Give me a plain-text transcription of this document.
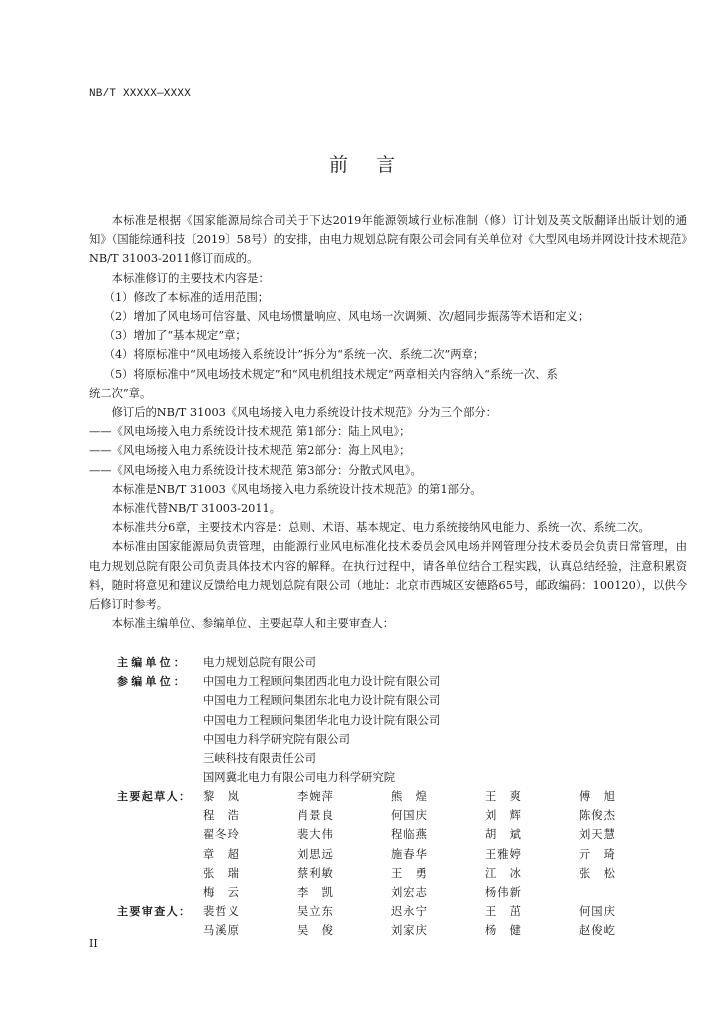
NB/T XXXXX—XXXX
前言

本标准是根据《国家能源局综合司关于下达2019年能源领域行业标准制（修）订计划及英文版翻译出版计划的通知》（国能综通科技〔2019〕58号）的安排，由电力规划总院有限公司会同有关单位对《大型风电场并网设计技术规范》NB/T 31003-2011修订而成的。

本标准修订的主要技术内容是：

（1）修改了本标准的适用范围；

（2）增加了风电场可信容量、风电场惯量响应、风电场一次调频、次/超同步振荡等术语和定义；

（3）增加了“基本规定”章；

（4）将原标准中“风电场接入系统设计”拆分为“系统一次、系统二次”两章；

（5）将原标准中“风电场技术规定”和“风电机组技术规定”两章相关内容纳入“系统一次、系

统二次”章。

修订后的NB/T 31003《风电场接入电力系统设计技术规范》分为三个部分：

——《风电场接入电力系统设计技术规范 第1部分：陆上风电》；

——《风电场接入电力系统设计技术规范 第2部分：海上风电》；

——《风电场接入电力系统设计技术规范 第3部分：分散式风电》。

本标准是NB/T 31003《风电场接入电力系统设计技术规范》的第1部分。

本标准代替NB/T 31003-2011。

本标准共分6章，主要技术内容是：总则、术语、基本规定、电力系统接纳风电能力、系统一次、系统二次。

本标准由国家能源局负责管理，由能源行业风电标准化技术委员会风电场并网管理分技术委员会负责日常管理，由电力规划总院有限公司负责具体技术内容的解释。在执行过程中，请各单位结合工程实践，认真总结经验，注意积累资料，随时将意见和建议反馈给电力规划总院有限公司（地址：北京市西城区安德路65号，邮政编码：100120），以供今后修订时参考。

本标准主编单位、参编单位、主要起草人和主要审查人：

主编单位：	电力规划总院有限公司
参编单位：	中国电力工程顾问集团西北电力设计院有限公司
中国电力工程顾问集团东北电力设计院有限公司
中国电力工程顾问集团华北电力设计院有限公司
中国电力科学研究院有限公司
三峡科技有限责任公司
国网冀北电力有限公司电力科学研究院
主要起草人：	黎　岚	李婉萍	熊　煌	王　爽	傅　旭
程　浩	肖景良	何国庆	刘　辉	陈俊杰
翟冬玲	裴大伟	程临燕	胡　斌	刘天慧
章　超	刘思远	施春华	王雅婷	亓　琦
张　瑞	蔡利敏	王　勇	江　冰	张　松
梅　云	李　凯	刘宏志	杨伟新
主要审查人：	裴哲义	吴立东	迟永宁	王　茁	何国庆
马溪原	吴　俊	刘家庆	杨　健	赵俊屹
II
